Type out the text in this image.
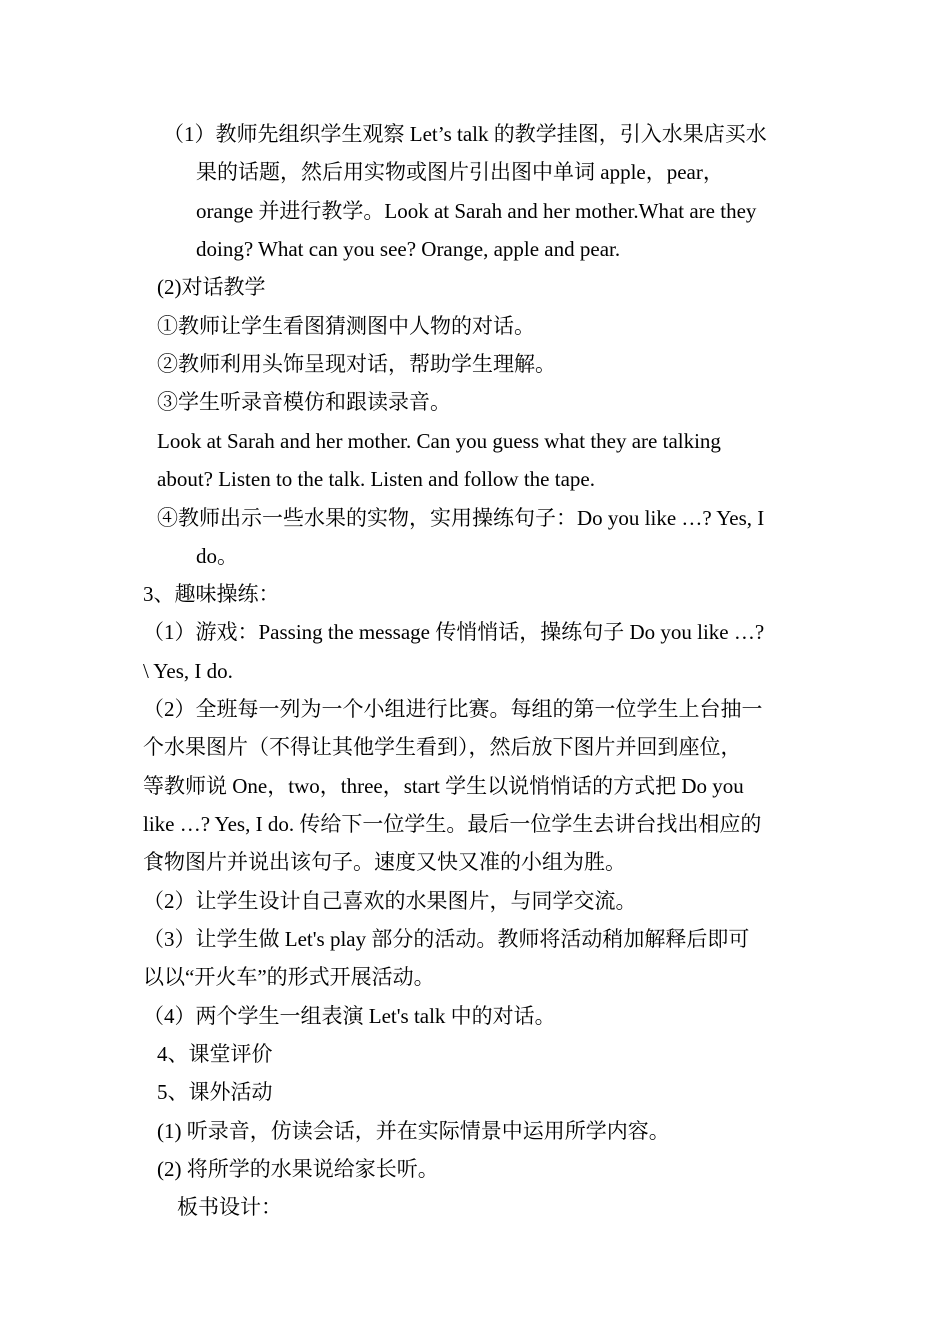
（1）教师先组织学生观察 Let’s talk 的教学挂图，引入水果店买水
果的话题，然后用实物或图片引出图中单词 apple，pear，
orange 并进行教学。Look at Sarah and her mother.What are they
doing? What can you see? Orange, apple and pear.
(2)对话教学
①教师让学生看图猜测图中人物的对话。
②教师利用头饰呈现对话，帮助学生理解。
③学生听录音模仿和跟读录音。
Look at Sarah and her mother. Can you guess what they are talking
about? Listen to the talk. Listen and follow the tape.
④教师出示一些水果的实物，实用操练句子：Do you like …? Yes, I
do。
3、趣味操练：
（1）游戏：Passing the message 传悄悄话，操练句子 Do you like …?
\ Yes, I do.
（2）全班每一列为一个小组进行比赛。每组的第一位学生上台抽一
个水果图片（不得让其他学生看到），然后放下图片并回到座位，
等教师说 One，two，three，start 学生以说悄悄话的方式把 Do you
like …? Yes, I do. 传给下一位学生。最后一位学生去讲台找出相应的
食物图片并说出该句子。速度又快又准的小组为胜。
（2）让学生设计自己喜欢的水果图片，与同学交流。
（3）让学生做 Let's play 部分的活动。教师将活动稍加解释后即可
以以“开火车”的形式开展活动。
（4）两个学生一组表演 Let's talk 中的对话。
4、课堂评价
5、课外活动
(1) 听录音，仿读会话，并在实际情景中运用所学内容。
(2) 将所学的水果说给家长听。
板书设计：
